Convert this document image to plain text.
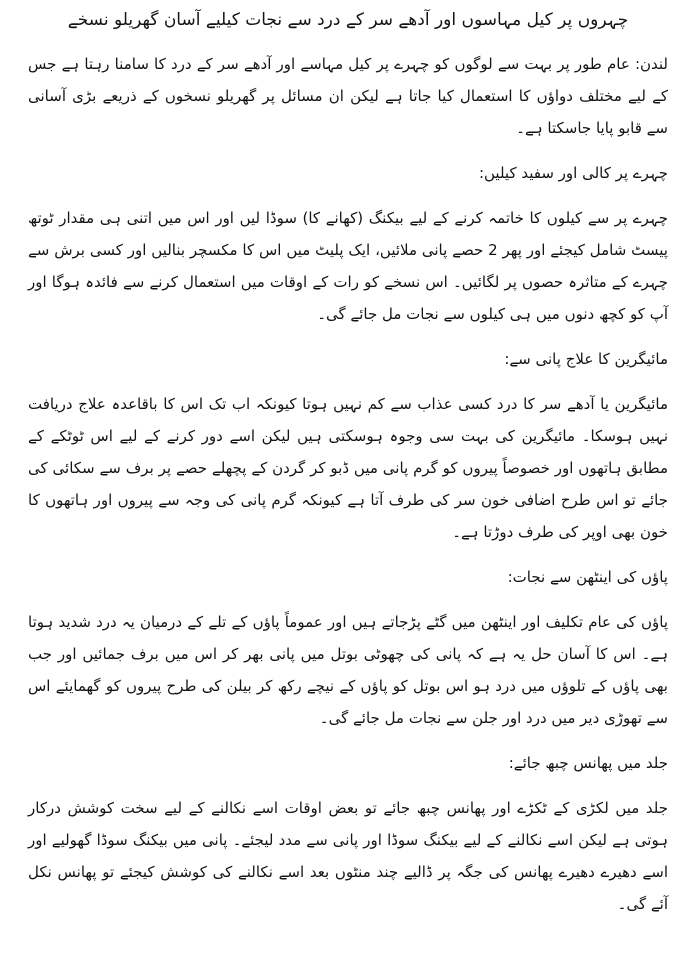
چہروں پر کیل مہاسوں اور آدھے سر کے درد سے نجات کیلیے آسان گھریلو نسخے

لندن: عام طور پر بہت سے لوگوں کو چہرے پر کیل مہاسے اور آدھے سر کے درد کا سامنا رہتا ہے جس کے لیے مختلف دواؤں کا استعمال کیا جاتا ہے لیکن ان مسائل پر گھریلو نسخوں کے ذریعے بڑی آسانی سے قابو پایا جاسکتا ہے۔

چہرے پر کالی اور سفید کیلیں:

چہرے پر سے کیلوں کا خاتمہ کرنے کے لیے بیکنگ (کھانے کا) سوڈا لیں اور اس میں اتنی ہی مقدار ٹوتھ پیسٹ شامل کیجئے اور پھر 2 حصے پانی ملائیں، ایک پلیٹ میں اس کا مکسچر بنالیں اور کسی برش سے چہرے کے متاثرہ حصوں پر لگائیں۔ اس نسخے کو رات کے اوقات میں استعمال کرنے سے فائدہ ہوگا اور آپ کو کچھ دنوں میں ہی کیلوں سے نجات مل جائے گی۔

مائیگرین کا علاج پانی سے:

مائیگرین یا آدھے سر کا درد کسی عذاب سے کم نہیں ہوتا کیونکہ اب تک اس کا باقاعدہ علاج دریافت نہیں ہوسکا۔ مائیگرین کی بہت سی وجوہ ہوسکتی ہیں لیکن اسے دور کرنے کے لیے اس ٹوٹکے کے مطابق ہاتھوں اور خصوصاً پیروں کو گرم پانی میں ڈبو کر گردن کے پچھلے حصے پر برف سے سکائی کی جائے تو اس طرح اضافی خون سر کی طرف آتا ہے کیونکہ گرم پانی کی وجہ سے پیروں اور ہاتھوں کا خون بھی اوپر کی طرف دوڑتا ہے۔

پاؤں کی اینٹھن سے نجات:

پاؤں کی عام تکلیف اور اینٹھن میں گٹے پڑجاتے ہیں اور عموماً پاؤں کے تلے کے درمیان یہ درد شدید ہوتا ہے۔ اس کا آسان حل یہ ہے کہ پانی کی چھوٹی بوتل میں پانی بھر کر اس میں برف جمائیں اور جب بھی پاؤں کے تلوؤں میں درد ہو اس بوتل کو پاؤں کے نیچے رکھ کر بیلن کی طرح پیروں کو گھمایئے اس سے تھوڑی دیر میں درد اور جلن سے نجات مل جائے گی۔

جلد میں پھانس چبھ جائے:

جلد میں لکڑی کے ٹکڑے اور پھانس چبھ جائے تو بعض اوقات اسے نکالنے کے لیے سخت کوشش درکار ہوتی ہے لیکن اسے نکالنے کے لیے بیکنگ سوڈا اور پانی سے مدد لیجئے۔ پانی میں بیکنگ سوڈا گھولیے اور اسے دھیرے دھیرے پھانس کی جگہ پر ڈالیے چند منٹوں بعد اسے نکالنے کی کوشش کیجئے تو پھانس نکل آئے گی۔
